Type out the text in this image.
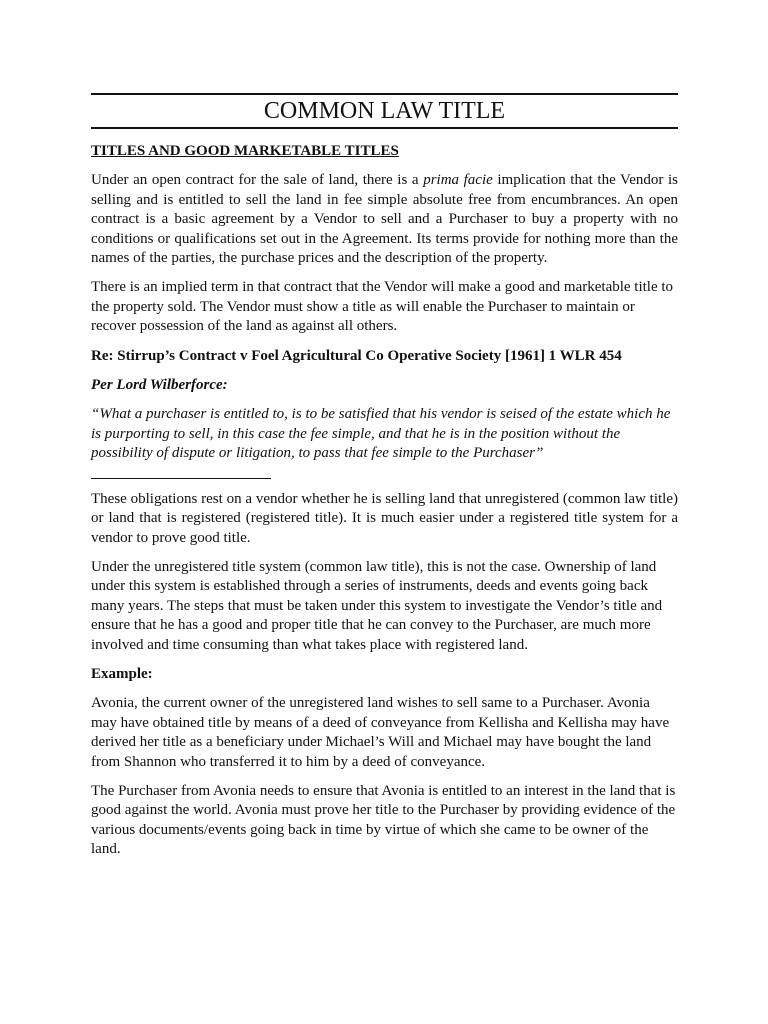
COMMON LAW TITLE

TITLES AND GOOD MARKETABLE TITLES

Under an open contract for the sale of land, there is a prima facie implication that the Vendor is selling and is entitled to sell the land in fee simple absolute free from encumbrances. An open contract is a basic agreement by a Vendor to sell and a Purchaser to buy a property with no conditions or qualifications set out in the Agreement. Its terms provide for nothing more than the names of the parties, the purchase prices and the description of the property.

There is an implied term in that contract that the Vendor will make a good and marketable title to the property sold. The Vendor must show a title as will enable the Purchaser to maintain or recover possession of the land as against all others.

Re: Stirrup’s Contract v Foel Agricultural Co Operative Society [1961] 1 WLR 454

Per Lord Wilberforce:

“What a purchaser is entitled to, is to be satisfied that his vendor is seised of the estate which he is purporting to sell, in this case the fee simple, and that he is in the position without the possibility of dispute or litigation, to pass that fee simple to the Purchaser”

These obligations rest on a vendor whether he is selling land that unregistered (common law title) or land that is registered (registered title). It is much easier under a registered title system for a vendor to prove good title.

Under the unregistered title system (common law title), this is not the case. Ownership of land under this system is established through a series of instruments, deeds and events going back many years. The steps that must be taken under this system to investigate the Vendor’s title and ensure that he has a good and proper title that he can convey to the Purchaser, are much more involved and time consuming than what takes place with registered land.

Example:

Avonia, the current owner of the unregistered land wishes to sell same to a Purchaser. Avonia may have obtained title by means of a deed of conveyance from Kellisha and Kellisha may have derived her title as a beneficiary under Michael’s Will and Michael may have bought the land from Shannon who transferred it to him by a deed of conveyance.

The Purchaser from Avonia needs to ensure that Avonia is entitled to an interest in the land that is good against the world. Avonia must prove her title to the Purchaser by providing evidence of the various documents/events going back in time by virtue of which she came to be owner of the land.
